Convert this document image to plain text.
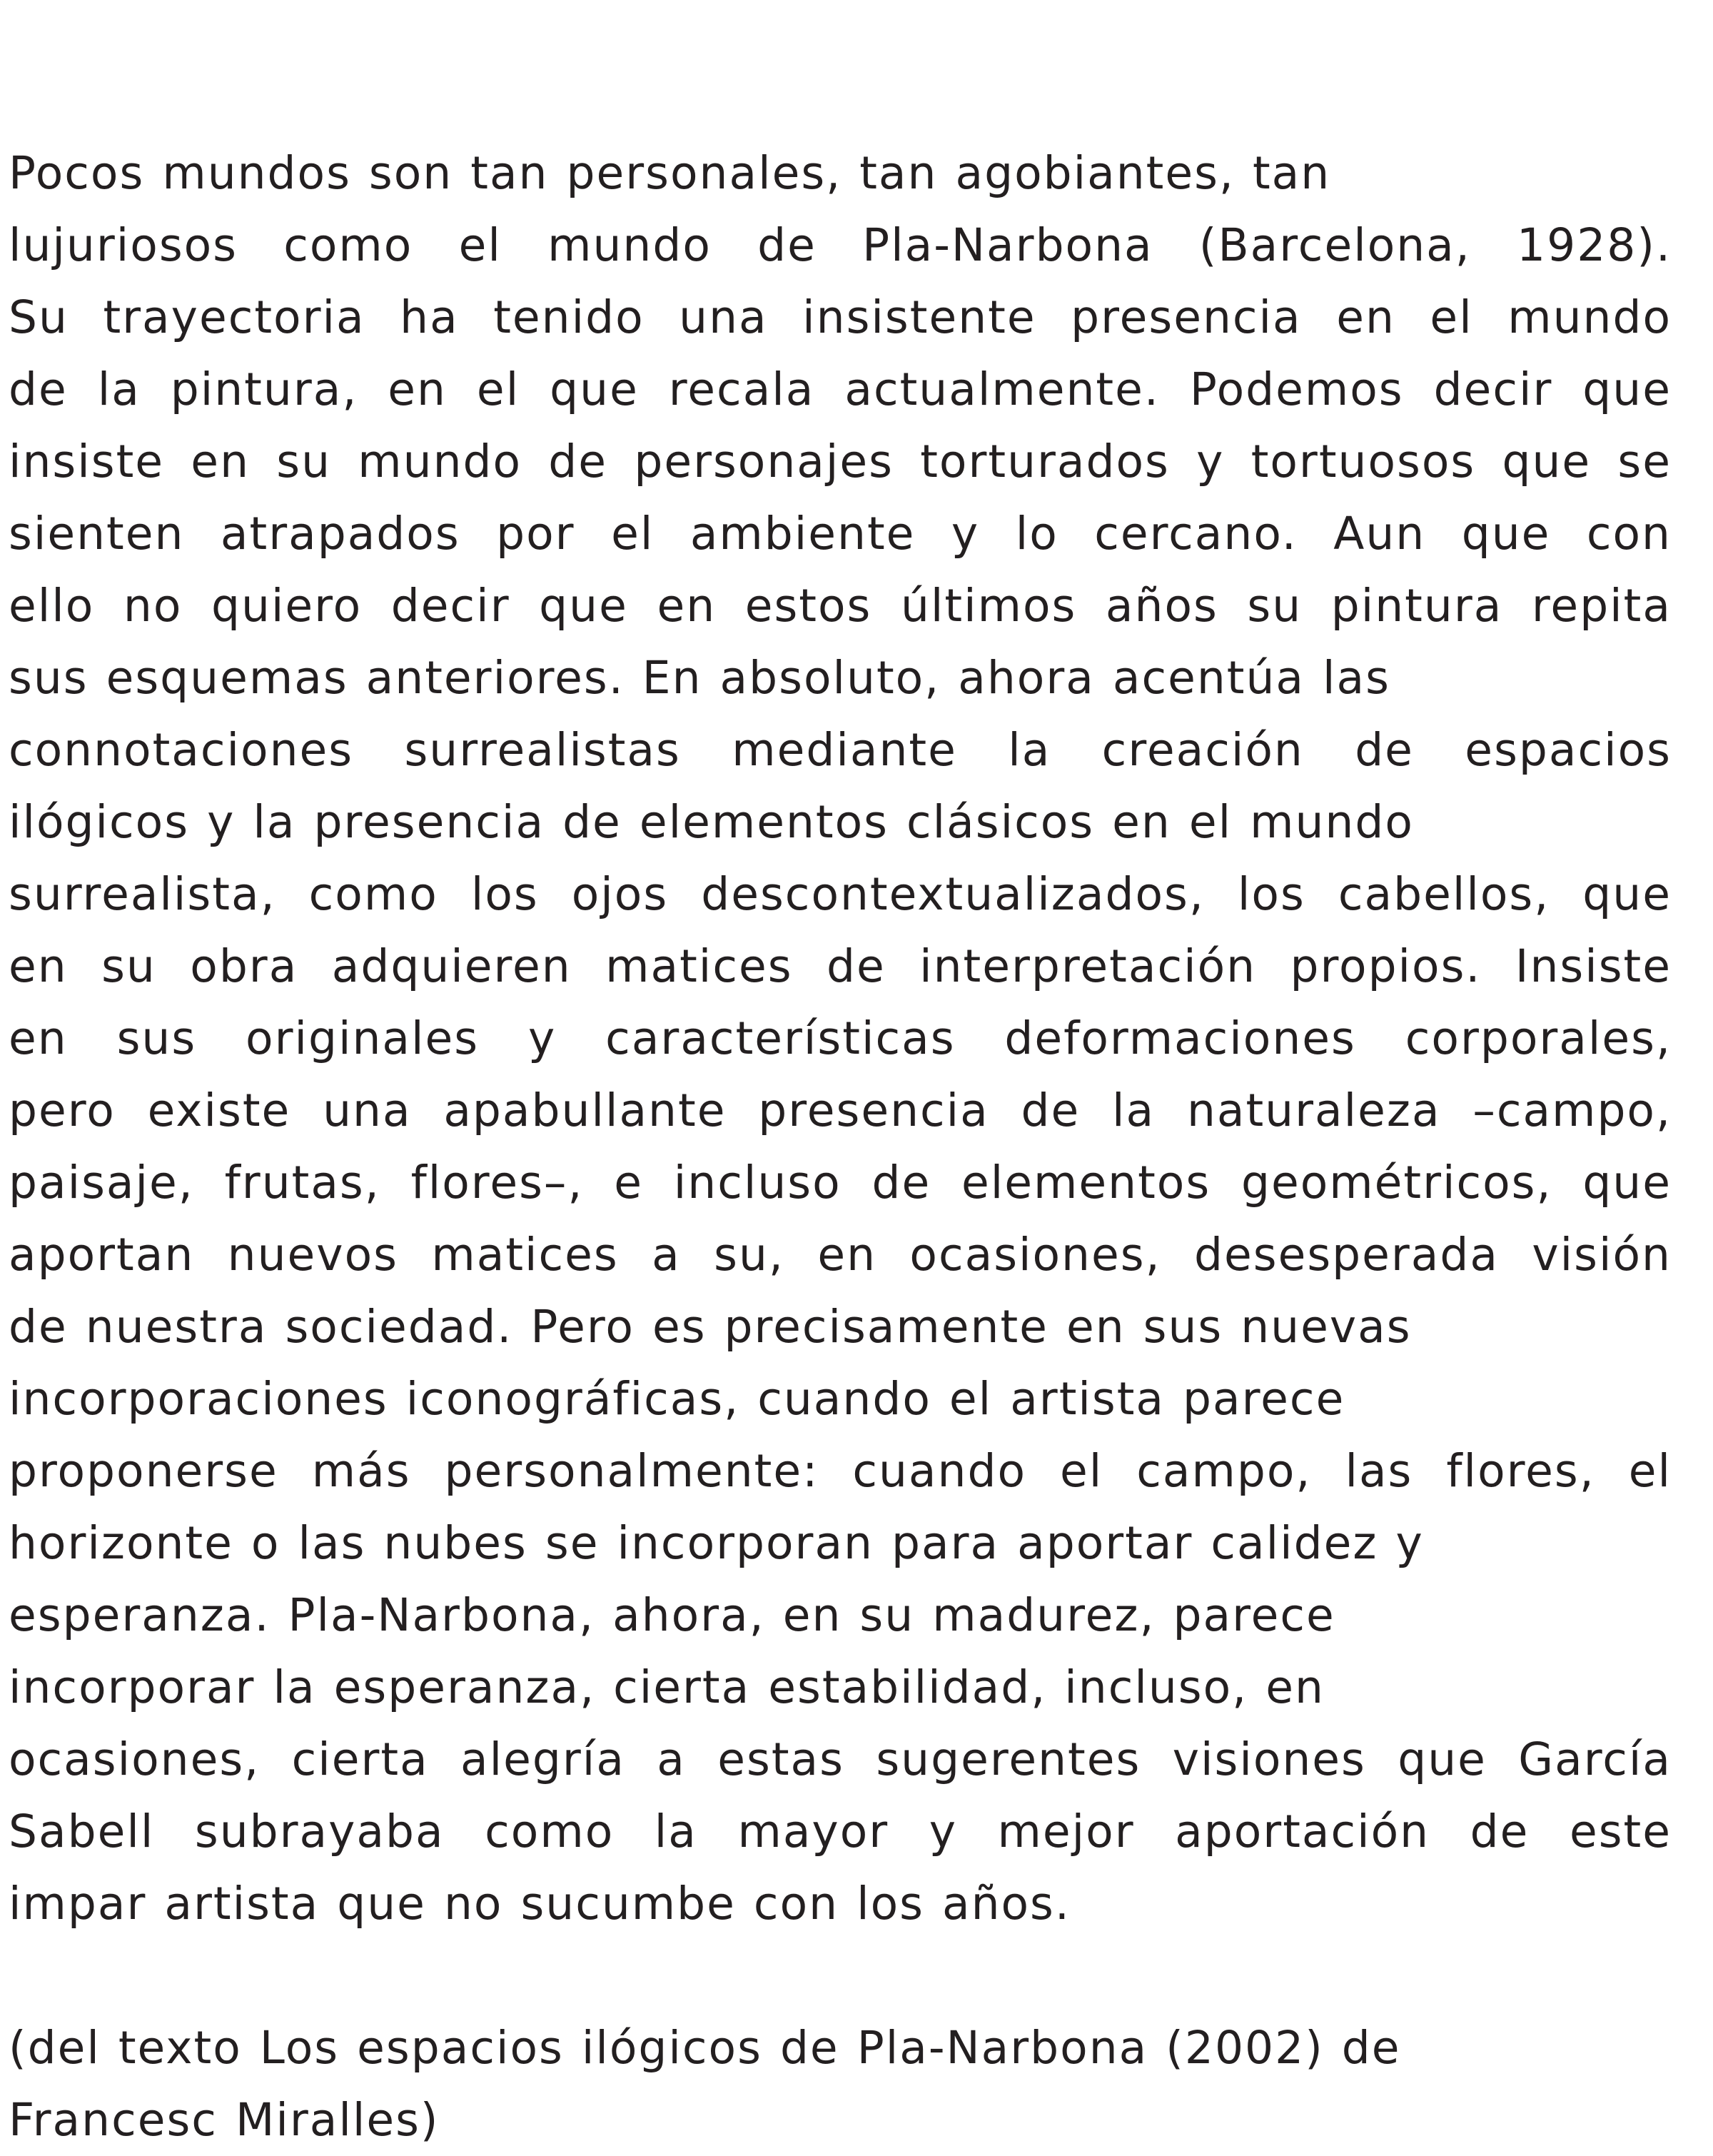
Pocos mundos son tan personales, tan agobiantes, tan
lujuriosos como el mundo de Pla-Narbona (Barcelona, 1928).
Su trayectoria ha tenido una insistente presencia en el mundo
de la pintura, en el que recala actualmente. Podemos decir que
insiste en su mundo de personajes torturados y tortuosos que se
sienten atrapados por el ambiente y lo cercano. Aun que con
ello no quiero decir que en estos últimos años su pintura repita
sus esquemas anteriores. En absoluto, ahora acentúa las
connotaciones surrealistas mediante la creación de espacios
ilógicos y la presencia de elementos clásicos en el mundo
surrealista, como los ojos descontextualizados, los cabellos, que
en su obra adquieren matices de interpretación propios. Insiste
en sus originales y características deformaciones corporales,
pero existe una apabullante presencia de la naturaleza –campo,
paisaje, frutas, flores–, e incluso de elementos geométricos, que
aportan nuevos matices a su, en ocasiones, desesperada visión
de nuestra sociedad. Pero es precisamente en sus nuevas
incorporaciones iconográficas, cuando el artista parece
proponerse más personalmente: cuando el campo, las flores, el
horizonte o las nubes se incorporan para aportar calidez y
esperanza. Pla-Narbona, ahora, en su madurez, parece
incorporar la esperanza, cierta estabilidad, incluso, en
ocasiones, cierta alegría a estas sugerentes visiones que García
Sabell subrayaba como la mayor y mejor aportación de este
impar artista que no sucumbe con los años.
(del texto Los espacios ilógicos de Pla-Narbona (2002) de
Francesc Miralles)
